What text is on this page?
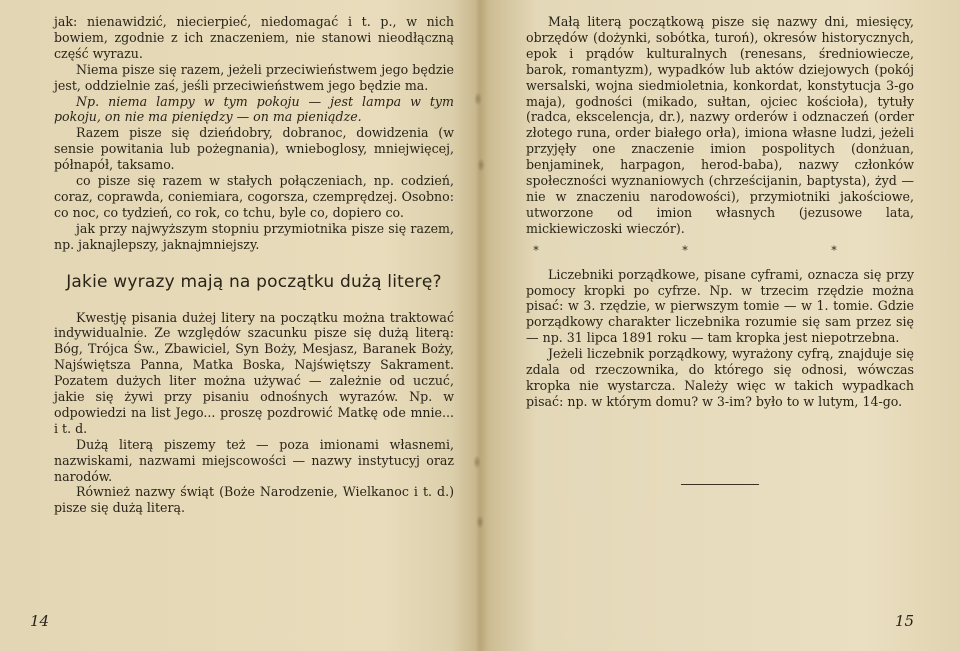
jak: nienawidzić, niecierpieć, niedomagać i t. p., w nich bowiem, zgodnie z ich znaczeniem, nie stanowi nieodłączną część wyrazu.

Niema pisze się razem, jeżeli przeciwieństwem jego będzie jest, oddzielnie zaś, jeśli przeciwieństwem jego będzie ma.

Np. niema lampy w tym pokoju — jest lampa w tym pokoju, on nie ma pieniędzy — on ma pieniądze.

Razem pisze się dzieńdobry, dobranoc, dowidzenia (w sensie powitania lub pożegnania), wnieboglosy, mniejwięcej, półnapół, taksamo.

co pisze się razem w stałych połączeniach, np. codzień, coraz, coprawda, coniemiara, cogorsza, czemprędzej. Osobno: co noc, co tydzień, co rok, co tchu, byle co, dopiero co.

jak przy najwyższym stopniu przymiotnika pisze się razem, np. jaknajlepszy, jaknajmniejszy.

Jakie wyrazy mają na początku dużą literę?

Kwestję pisania dużej litery na początku można traktować indywidualnie. Ze względów szacunku pisze się dużą literą: Bóg, Trójca Św., Zbawiciel, Syn Boży, Mesjasz, Baranek Boży, Najświętsza Panna, Matka Boska, Najświętszy Sakrament. Pozatem dużych liter można używać — zależnie od uczuć, jakie się żywi przy pisaniu odnośnych wyrazów. Np. w odpowiedzi na list Jego... proszę pozdrowić Matkę ode mnie... i t. d.

Dużą literą piszemy też — poza imionami własnemi, nazwiskami, nazwami miejscowości — nazwy instytucyj oraz narodów.

Również nazwy świąt (Boże Narodzenie, Wielkanoc i t. d.) pisze się dużą literą.

Małą literą początkową pisze się nazwy dni, miesięcy, obrzędów (dożynki, sobótka, turoń), okresów historycznych, epok i prądów kulturalnych (renesans, średniowiecze, barok, romantyzm), wypadków lub aktów dziejowych (pokój wersalski, wojna siedmioletnia, konkordat, konstytucja 3-go maja), godności (mikado, sułtan, ojciec kościoła), tytuły (radca, ekscelencja, dr.), nazwy orderów i odznaczeń (order złotego runa, order białego orła), imiona własne ludzi, jeżeli przyjęły one znaczenie imion pospolitych (donżuan, benjaminek, harpagon, herod-baba), nazwy członków społeczności wyznaniowych (chrześcijanin, baptysta), żyd — nie w znaczeniu narodowości), przymiotniki jakościowe, utworzone od imion własnych (jezusowe lata, mickiewiczoski wieczór).

* * *

Liczebniki porządkowe, pisane cyframi, oznacza się przy pomocy kropki po cyfrze. Np. w trzecim rzędzie można pisać: w 3. rzędzie, w pierwszym tomie — w 1. tomie. Gdzie porządkowy charakter liczebnika rozumie się sam przez się — np. 31 lipca 1891 roku — tam kropka jest niepotrzebna.

Jeżeli liczebnik porządkowy, wyrażony cyfrą, znajduje się zdala od rzeczownika, do którego się odnosi, wówczas kropka nie wystarcza. Należy więc w takich wypadkach pisać: np. w którym domu? w 3-im? było to w lutym, 14-go.

14	15
